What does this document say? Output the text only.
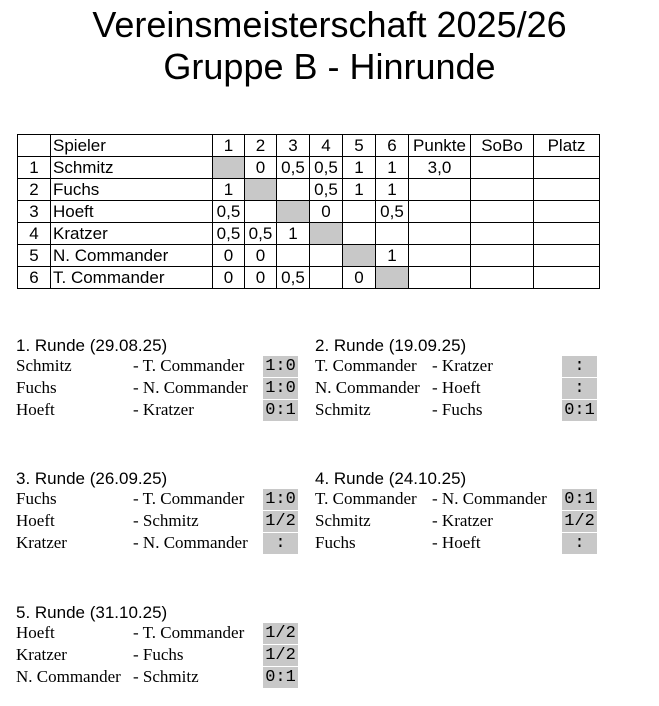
Vereinsmeisterschaft 2025/26
Gruppe B - Hinrunde
	Spieler	1	2	3	4	5	6	Punkte	SoBo	Platz
1	Schmitz		0	0,5	0,5	1	1	3,0		
2	Fuchs	1			0,5	1	1			
3	Hoeft	0,5			0		0,5			
4	Kratzer	0,5	0,5	1						
5	N. Commander	0	0				1			
6	T. Commander	0	0	0,5		0				
1. Runde (29.08.25)
Schmitz	- T. Commander 1:0
Fuchs	- N. Commander 1:0
Hoeft	- Kratzer	0:1
2. Runde (19.09.25)
T. Commander - Kratzer	:
N. Commander - Hoeft	:
Schmitz	- Fuchs	0:1
3. Runde (26.09.25)
Fuchs	- T. Commander 1:0
Hoeft	- Schmitz	1/2
Kratzer	- N. Commander	:
4. Runde (24.10.25)
T. Commander - N. Commander 0:1
Schmitz	- Kratzer	1/2
Fuchs	- Hoeft	:
5. Runde (31.10.25)
Hoeft	- T. Commander 1/2
Kratzer	- Fuchs	1/2
N. Commander - Schmitz	0:1
